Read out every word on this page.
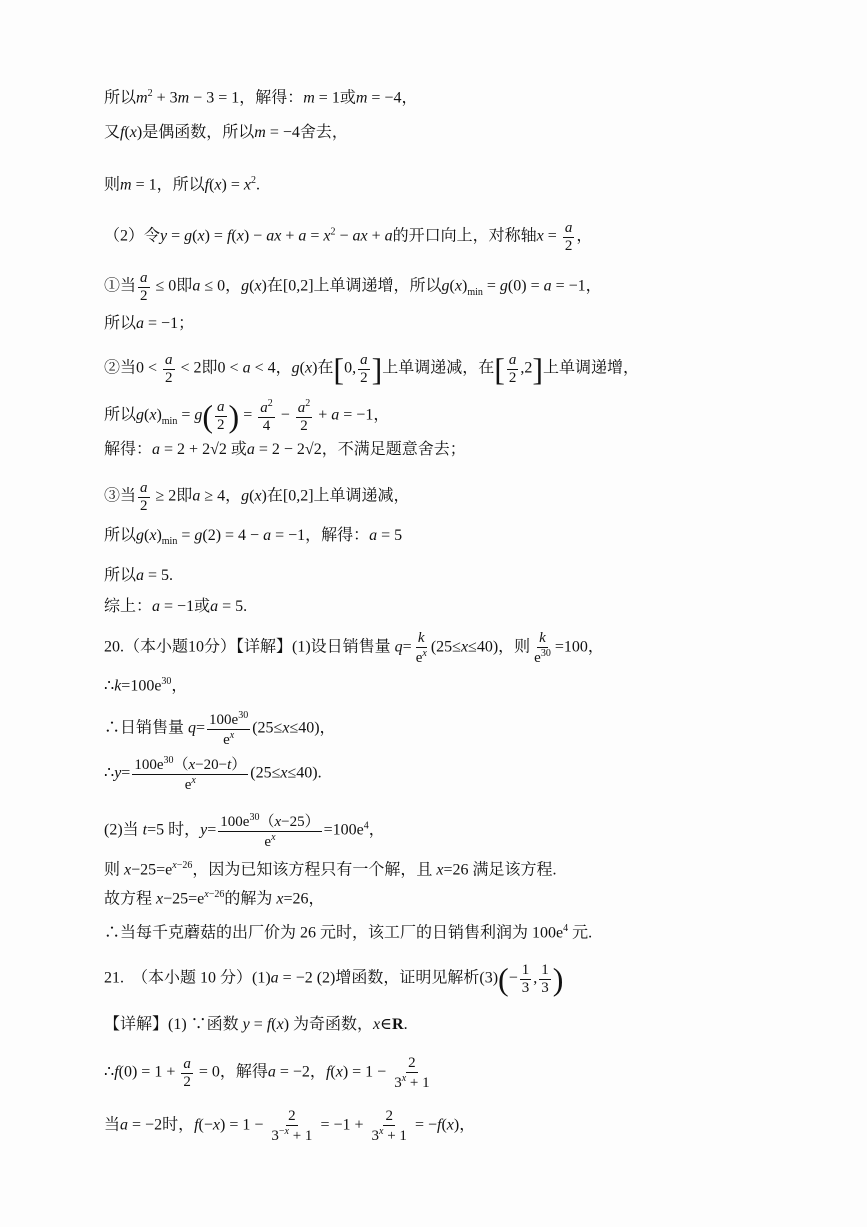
所以$m^2 + 3m - 3 = 1$，解得：m = 1或m = −4，
又f(x)是偶函数，所以m = −4舍去，
则m = 1，所以$f(x) = x^2$.
（2）令y = g(x) = f(x) − ax + $a = x^2$ − ax + a的开口向上，对称轴$x = \frac{a}{2}$ ，
①当 $\frac{a}{2} \le 0$即a ≤ 0，g(x)在[0,2]上单调递增，所以$g(x)_{min} = g(0) = a = -1$，
所以a = −1；
②当$0 < \frac{a}{2} < 2$即0 < a < 4，g(x)在[0, $\frac{a}{2}$ ]上单调递减，在[ $\frac{a}{2} ,2$]上单调递增，
所以$g(x)_{min} = g( \frac{a}{2}$ ) = $\frac{a^2}{4} - \frac{a^2}{2} + a = -1$，
解得：a = 2 + 2√2 或a = 2 − 2√2，不满足题意舍去；
③当 $\frac{a}{2} \ge 2$即a ≥ 4，g(x)在[0,2]上单调递减，
所以$g(x)_{min} = g(2) = 4 - a = -1$，解得：a = 5
所以a = 5.
综上：a = −1或a = 5.
20.（本小题10分）【详解】(1)设日销售量 $q= \frac{k}{e^x} (25\le x\le 40)$，则 $\frac{k}{e^{30}} =100$，
$\therefore k=100e^{30}$，
∴日销售量 $q= \frac{100e^{30}}{e^x} (25\le x\le 40)$，
∴y= $\frac{100e^{30}(x-20-t)}{e^x} (25\le x\le 40)$.
(2)当 t=5 时，$y= \frac{100e^{30}(x-25)}{e^x} =100e^4$，
则 $x-25=e^{x-26}$，因为已知该方程只有一个解，且 x=26 满足该方程.
故方程 $x-25=e^{x-26}$的解为 x=26，
∴当每千克蘑菇的出厂价为 26 元时，该工厂的日销售利润为 $100e^4$ 元.
21.　（本小题 10 分）(1)a = −2 (2)增函数，证明见解析$(3)(- \frac{1}{3}$ , $\frac{1}{3}$ )
【详解】(1) ∵函数 y = f(x) 为奇函数，x∈R.
∴f(0) = $1 + \frac{a}{2} = 0$，解得a = −2，$f(x) = 1 - \frac{2}{3^x + 1}$
当a = −2时，$f(-x) = 1 - \frac{2}{3^{-x} + 1} = -1 + \frac{2}{3^x + 1} = -f(x)$，
